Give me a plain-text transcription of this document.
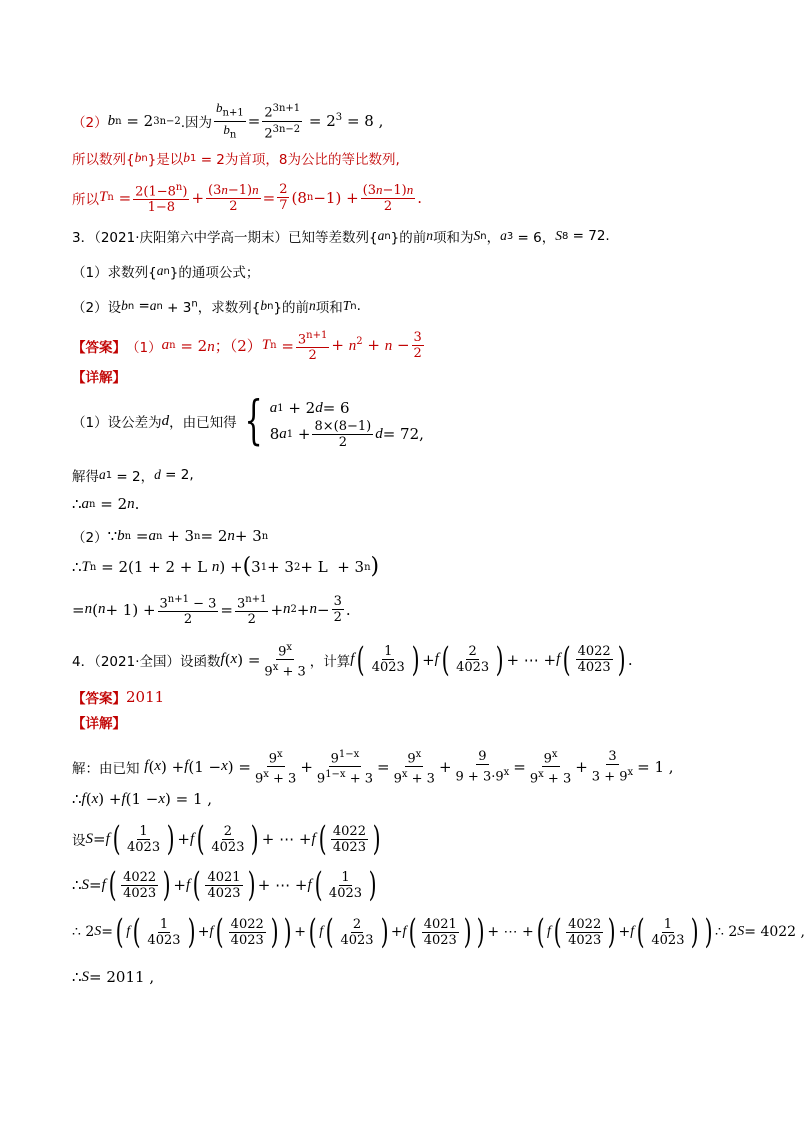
（2） b n = 2 3n−2 .因为 $\frac{b_{n+1}}{b_n} = \frac{2^{3n+1}}{2^{3n-2}} = 2^3 = 8$ ,
所以数列{ b n }是以 b 1 = 2为首项，8为公比的等比数列,
所以 T $n = \frac{2(1-8^n)}{1-8} + \frac{(3n-1)n}{2} = \frac{2}{7} (8$ $n -1) + \frac{(3n-1)n}{2}$ .
3．（2021·庆阳第六中学高一期末）已知等差数列{ a n }的前 n 项和为 S n ， a 3 = 6， S 8 = 72.
（1）求数列{ a n }的通项公式；
（2）设 b n = a $n + 3^n$，求数列{ b n }的前 n 项和 T n .
【答案】 （1） a n = 2n；（2） T $n = \frac{3^{n+1}}{2} + n^2 + n - \frac{3}{2}$
【详解】
（1）设公差为 d ，由已知得 { a 1 + 2 d = 6
8 a $1 + \frac{8\times(8-1)}{2}$ d = 72,
解得 a 1 = 2， d = 2,
∴ a n = 2 n .
（2） ∵ b n = a n + 3 n = 2 n + 3 n
∴ T n = 2(1 + 2 + L n ) + ( 3 1 + 3 2 + L  + 3 n )
= n ( $n + 1) + \frac{3^{n+1} - 3}{2} = \frac{3^{n+1}}{2} + n$ $2 + n - \frac{3}{2}$ .
4．（2021·全国）设函数 f ( x ) = $\frac{9^x}{9^x + 3}$ ，计算 f ( $\frac{1}{4023}$ ) + f ( $\frac{2}{4023}$ ) + ⋯ + f ( $\frac{4022}{4023}$ ) .
【答案】 2011
【详解】
解：由已知
f ( x ) + f (1 − x ) = $\frac{9^x}{9^x + 3} + \frac{9^{1-x}}{9^{1-x} + 3} = \frac{9^x}{9^x + 3} + \frac{9}{9 + 3\cdot 9^x} = \frac{9^x}{9^x + 3} + \frac{3}{3 + 9^x} = 1$ ,
∴ f ( x ) + f (1 − x ) = 1 ,
设 S = f ( $\frac{1}{4023}$ ) + f ( $\frac{2}{4023}$ ) + ⋯ + f ( $\frac{4022}{4023}$ )
∴ S = f ( $\frac{4022}{4023}$ ) + f ( $\frac{4021}{4023}$ ) + ⋯ + f ( $\frac{1}{4023}$ )
∴ 2 S = ( f ( $\frac{1}{4023}$ ) + f ( $\frac{4022}{4023}$ ) ) + ( f ( $\frac{2}{4023}$ ) + f ( $\frac{4021}{4023}$ ) ) + ⋯ + ( f ( $\frac{4022}{4023}$ ) + f ( $\frac{1}{4023}$ ) ) ∴ 2 S = 4022 ,
∴ S = 2011 ,
